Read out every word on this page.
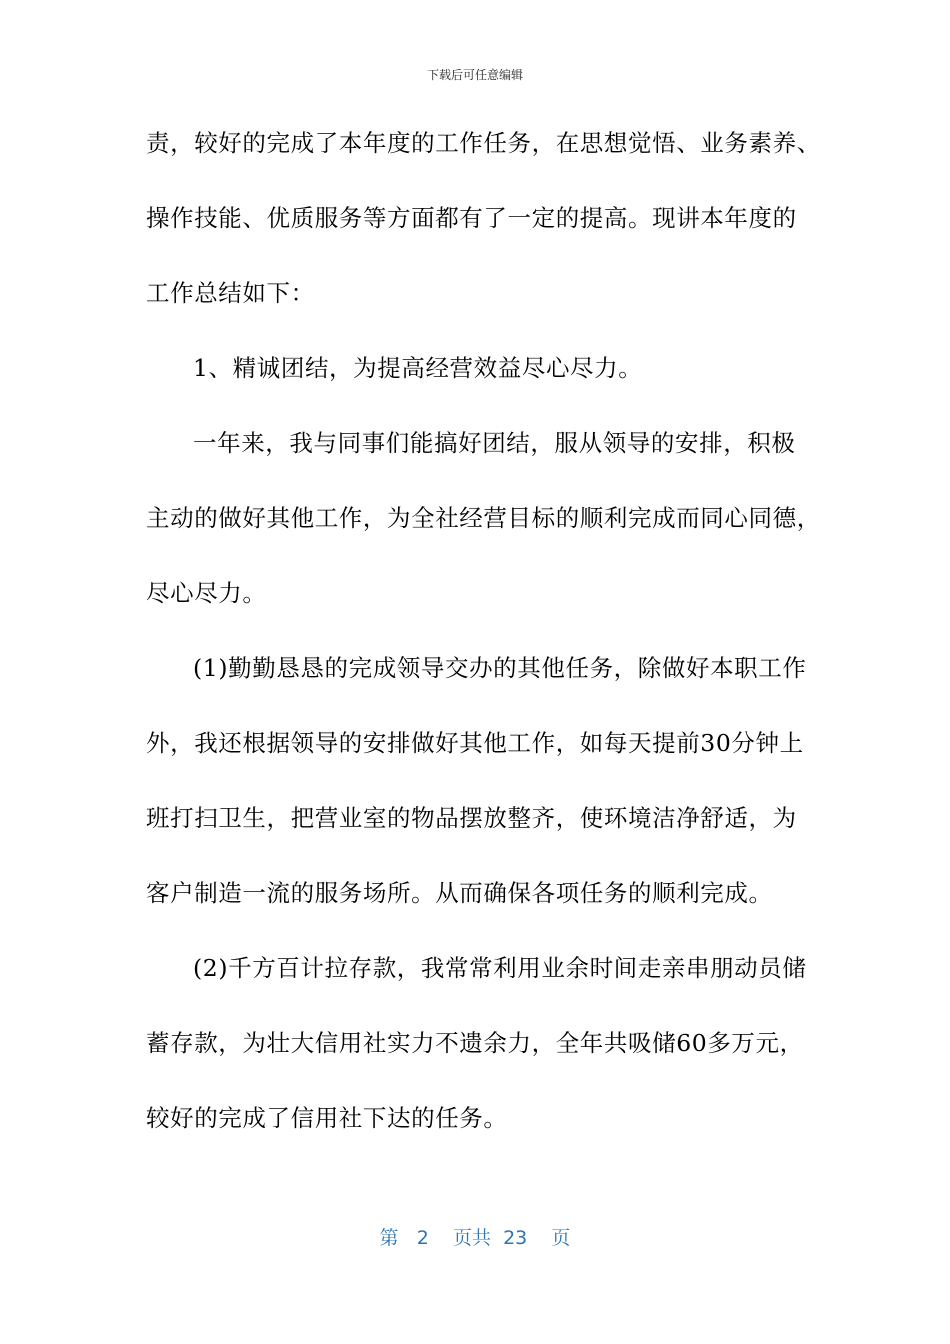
下载后可任意编辑
责，较好的完成了本年度的工作任务，在思想觉悟、业务素养、
操作技能、优质服务等方面都有了一定的提高。现讲本年度的
工作总结如下：
1、精诚团结，为提高经营效益尽心尽力。
一年来，我与同事们能搞好团结，服从领导的安排，积极
主动的做好其他工作，为全社经营目标的顺利完成而同心同德，
尽心尽力。
(1)勤勤恳恳的完成领导交办的其他任务，除做好本职工作
外，我还根据领导的安排做好其他工作，如每天提前30分钟上
班打扫卫生，把营业室的物品摆放整齐，使环境洁净舒适，为
客户制造一流的服务场所。从而确保各项任务的顺利完成。
(2)千方百计拉存款，我常常利用业余时间走亲串朋动员储
蓄存款，为壮大信用社实力不遗余力，全年共吸储60多万元，
较好的完成了信用社下达的任务。
第 2 页共 23 页
